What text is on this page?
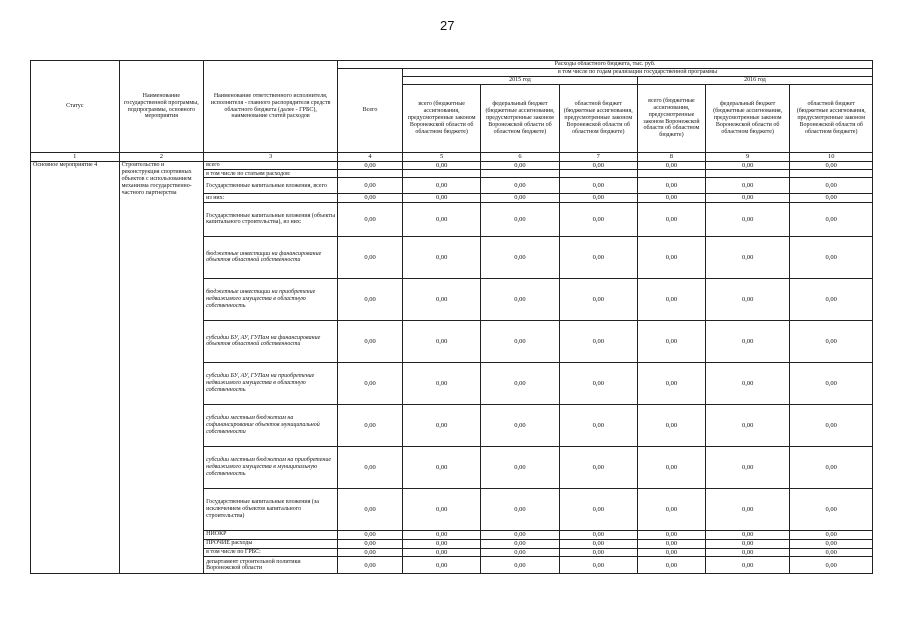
27
Статус	Наименование государственной программы, подпрограммы, основного мероприятия	Наименование ответственного исполнителя, исполнителя - главного распорядителя средств областного бюджета (далее - ГРБС), наименование статей расходов	Расходы областного бюджета, тыс. руб.						
			Всего	в том числе по годам реализации государственной программы					
				2015 год			2016 год		
				всего (бюджетные ассигнования, предусмотренные законом Воронежской области об областном бюджете)	федеральный бюджет (бюджетные ассигнования, предусмотренные законом Воронежской области об областном бюджете)	областной бюджет (бюджетные ассигнования, предусмотренные законом Воронежской области об областном бюджете)	всего (бюджетные ассигнования, предусмотренные законом Воронежской области об областном бюджете)	федеральный бюджет (бюджетные ассигнования, предусмотренные законом Воронежской области об областном бюджете)	областной бюджет (бюджетные ассигнования, предусмотренные законом Воронежской области об областном бюджете)
1	2	3	4	5	6	7	8	9	10
Основное мероприятие 4	Строительство и реконструкция спортивных объектов с использованием механизма государственно-частного партнерства	всего	0,00	0,00	0,00	0,00	0,00	0,00	0,00
		в том числе по статьям расходов:							
		Государственные капитальные вложения, всего	0,00	0,00	0,00	0,00	0,00	0,00	0,00
		из них:	0,00	0,00	0,00	0,00	0,00	0,00	0,00
		Государственные капитальные вложения (объекты капитального строительства), из них:	0,00	0,00	0,00	0,00	0,00	0,00	0,00
		бюджетные инвестиции на финансирование объектов областной собственности	0,00	0,00	0,00	0,00	0,00	0,00	0,00
		бюджетные инвестиции на приобретение недвижимого имущества в областную собственность	0,00	0,00	0,00	0,00	0,00	0,00	0,00
		субсидии БУ, АУ, ГУПам на финансирование объектов областной собственности	0,00	0,00	0,00	0,00	0,00	0,00	0,00
		субсидии БУ, АУ, ГУПам на приобретение недвижимого имущества в областную собственность	0,00	0,00	0,00	0,00	0,00	0,00	0,00
		субсидии местным бюджетам на софинансирование объектов муниципальной собственности	0,00	0,00	0,00	0,00	0,00	0,00	0,00
		субсидии местным бюджетам на приобретение недвижимого имущества в муниципальную собственность	0,00	0,00	0,00	0,00	0,00	0,00	0,00
		Государственные капитальные вложения (за исключением объектов капитального строительства)	0,00	0,00	0,00	0,00	0,00	0,00	0,00
		НИОКР	0,00	0,00	0,00	0,00	0,00	0,00	0,00
		ПРОЧИЕ расходы	0,00	0,00	0,00	0,00	0,00	0,00	0,00
		в том числе по ГРБС:	0,00	0,00	0,00	0,00	0,00	0,00	0,00
		департамент строительной политики Воронежской области	0,00	0,00	0,00	0,00	0,00	0,00	0,00
